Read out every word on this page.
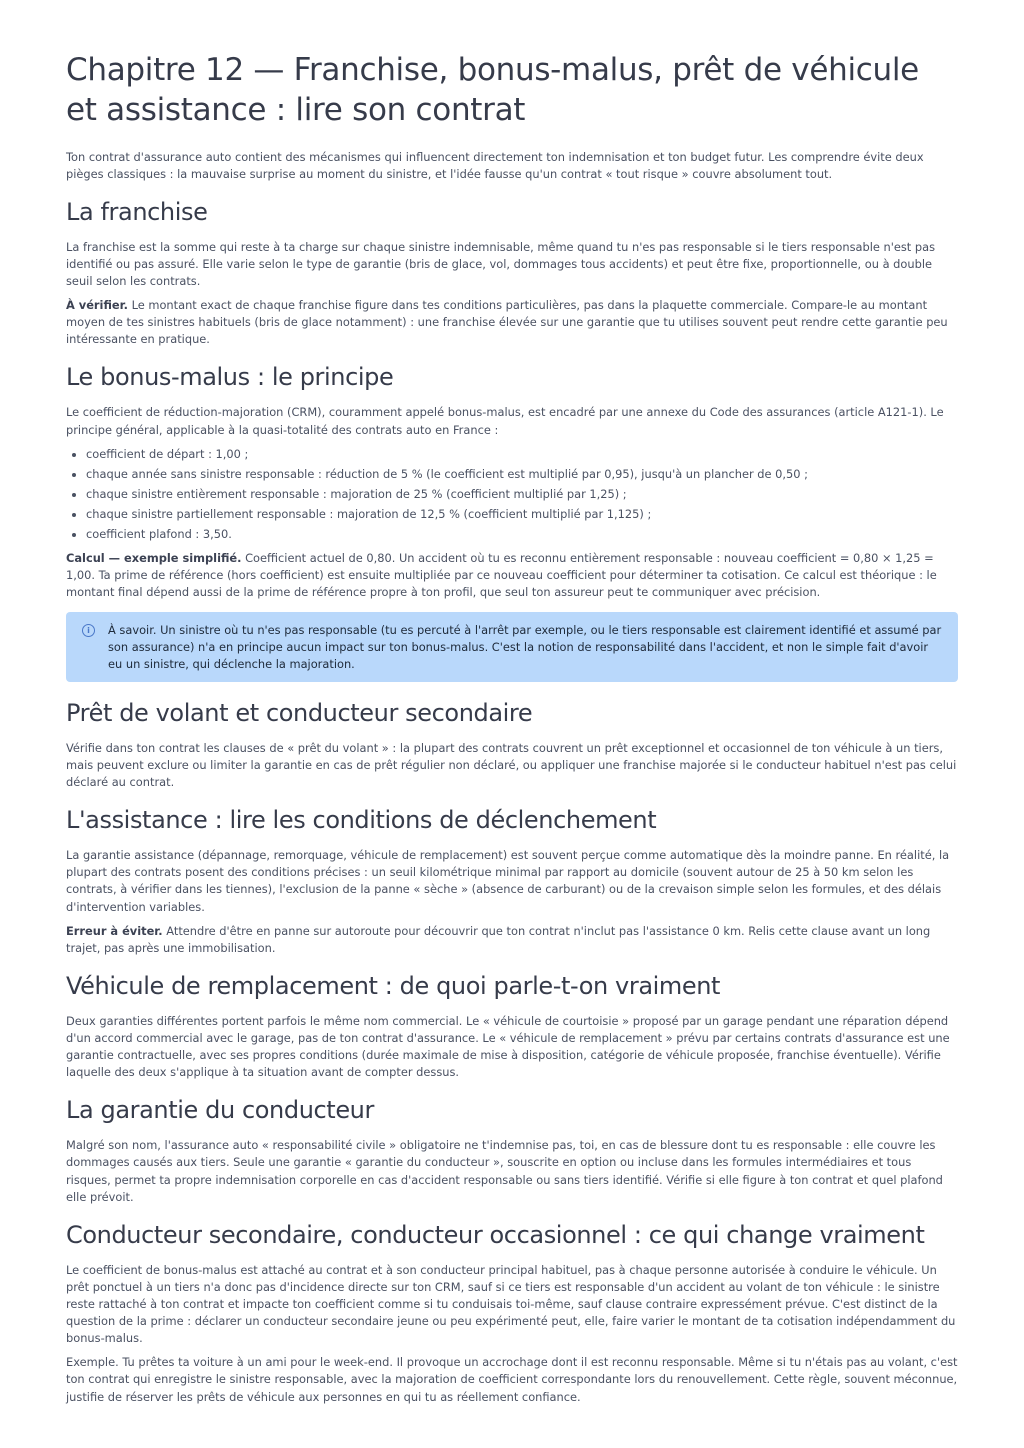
Chapitre 12 — Franchise, bonus-malus, prêt de véhicule et assistance : lire son contrat

Ton contrat d'assurance auto contient des mécanismes qui influencent directement ton indemnisation et ton budget futur. Les comprendre évite deux pièges classiques : la mauvaise surprise au moment du sinistre, et l'idée fausse qu'un contrat « tout risque » couvre absolument tout.

La franchise

La franchise est la somme qui reste à ta charge sur chaque sinistre indemnisable, même quand tu n'es pas responsable si le tiers responsable n'est pas identifié ou pas assuré. Elle varie selon le type de garantie (bris de glace, vol, dommages tous accidents) et peut être fixe, proportionnelle, ou à double seuil selon les contrats.

À vérifier. Le montant exact de chaque franchise figure dans tes conditions particulières, pas dans la plaquette commerciale. Compare-le au montant moyen de tes sinistres habituels (bris de glace notamment) : une franchise élevée sur une garantie que tu utilises souvent peut rendre cette garantie peu intéressante en pratique.

Le bonus-malus : le principe

Le coefficient de réduction-majoration (CRM), couramment appelé bonus-malus, est encadré par une annexe du Code des assurances (article A121-1). Le principe général, applicable à la quasi-totalité des contrats auto en France :

• coefficient de départ : 1,00 ;
• chaque année sans sinistre responsable : réduction de 5 % (le coefficient est multiplié par 0,95), jusqu'à un plancher de 0,50 ;
• chaque sinistre entièrement responsable : majoration de 25 % (coefficient multiplié par 1,25) ;
• chaque sinistre partiellement responsable : majoration de 12,5 % (coefficient multiplié par 1,125) ;
• coefficient plafond : 3,50.

Calcul — exemple simplifié. Coefficient actuel de 0,80. Un accident où tu es reconnu entièrement responsable : nouveau coefficient = 0,80 × 1,25 = 1,00. Ta prime de référence (hors coefficient) est ensuite multipliée par ce nouveau coefficient pour déterminer ta cotisation. Ce calcul est théorique : le montant final dépend aussi de la prime de référence propre à ton profil, que seul ton assureur peut te communiquer avec précision.

i	À savoir. Un sinistre où tu n'es pas responsable (tu es percuté à l'arrêt par exemple, ou le tiers responsable est clairement identifié et assumé par son assurance) n'a en principe aucun impact sur ton bonus-malus. C'est la notion de responsabilité dans l'accident, et non le simple fait d'avoir eu un sinistre, qui déclenche la majoration.

Prêt de volant et conducteur secondaire

Vérifie dans ton contrat les clauses de « prêt du volant » : la plupart des contrats couvrent un prêt exceptionnel et occasionnel de ton véhicule à un tiers, mais peuvent exclure ou limiter la garantie en cas de prêt régulier non déclaré, ou appliquer une franchise majorée si le conducteur habituel n'est pas celui déclaré au contrat.

L'assistance : lire les conditions de déclenchement

La garantie assistance (dépannage, remorquage, véhicule de remplacement) est souvent perçue comme automatique dès la moindre panne. En réalité, la plupart des contrats posent des conditions précises : un seuil kilométrique minimal par rapport au domicile (souvent autour de 25 à 50 km selon les contrats, à vérifier dans les tiennes), l'exclusion de la panne « sèche » (absence de carburant) ou de la crevaison simple selon les formules, et des délais d'intervention variables.

Erreur à éviter. Attendre d'être en panne sur autoroute pour découvrir que ton contrat n'inclut pas l'assistance 0 km. Relis cette clause avant un long trajet, pas après une immobilisation.

Véhicule de remplacement : de quoi parle-t-on vraiment

Deux garanties différentes portent parfois le même nom commercial. Le « véhicule de courtoisie » proposé par un garage pendant une réparation dépend d'un accord commercial avec le garage, pas de ton contrat d'assurance. Le « véhicule de remplacement » prévu par certains contrats d'assurance est une garantie contractuelle, avec ses propres conditions (durée maximale de mise à disposition, catégorie de véhicule proposée, franchise éventuelle). Vérifie laquelle des deux s'applique à ta situation avant de compter dessus.

La garantie du conducteur

Malgré son nom, l'assurance auto « responsabilité civile » obligatoire ne t'indemnise pas, toi, en cas de blessure dont tu es responsable : elle couvre les dommages causés aux tiers. Seule une garantie « garantie du conducteur », souscrite en option ou incluse dans les formules intermédiaires et tous risques, permet ta propre indemnisation corporelle en cas d'accident responsable ou sans tiers identifié. Vérifie si elle figure à ton contrat et quel plafond elle prévoit.

Conducteur secondaire, conducteur occasionnel : ce qui change vraiment

Le coefficient de bonus-malus est attaché au contrat et à son conducteur principal habituel, pas à chaque personne autorisée à conduire le véhicule. Un prêt ponctuel à un tiers n'a donc pas d'incidence directe sur ton CRM, sauf si ce tiers est responsable d'un accident au volant de ton véhicule : le sinistre reste rattaché à ton contrat et impacte ton coefficient comme si tu conduisais toi-même, sauf clause contraire expressément prévue. C'est distinct de la question de la prime : déclarer un conducteur secondaire jeune ou peu expérimenté peut, elle, faire varier le montant de ta cotisation indépendamment du bonus-malus.

Exemple. Tu prêtes ta voiture à un ami pour le week-end. Il provoque un accrochage dont il est reconnu responsable. Même si tu n'étais pas au volant, c'est ton contrat qui enregistre le sinistre responsable, avec la majoration de coefficient correspondante lors du renouvellement. Cette règle, souvent méconnue, justifie de réserver les prêts de véhicule aux personnes en qui tu as réellement confiance.
